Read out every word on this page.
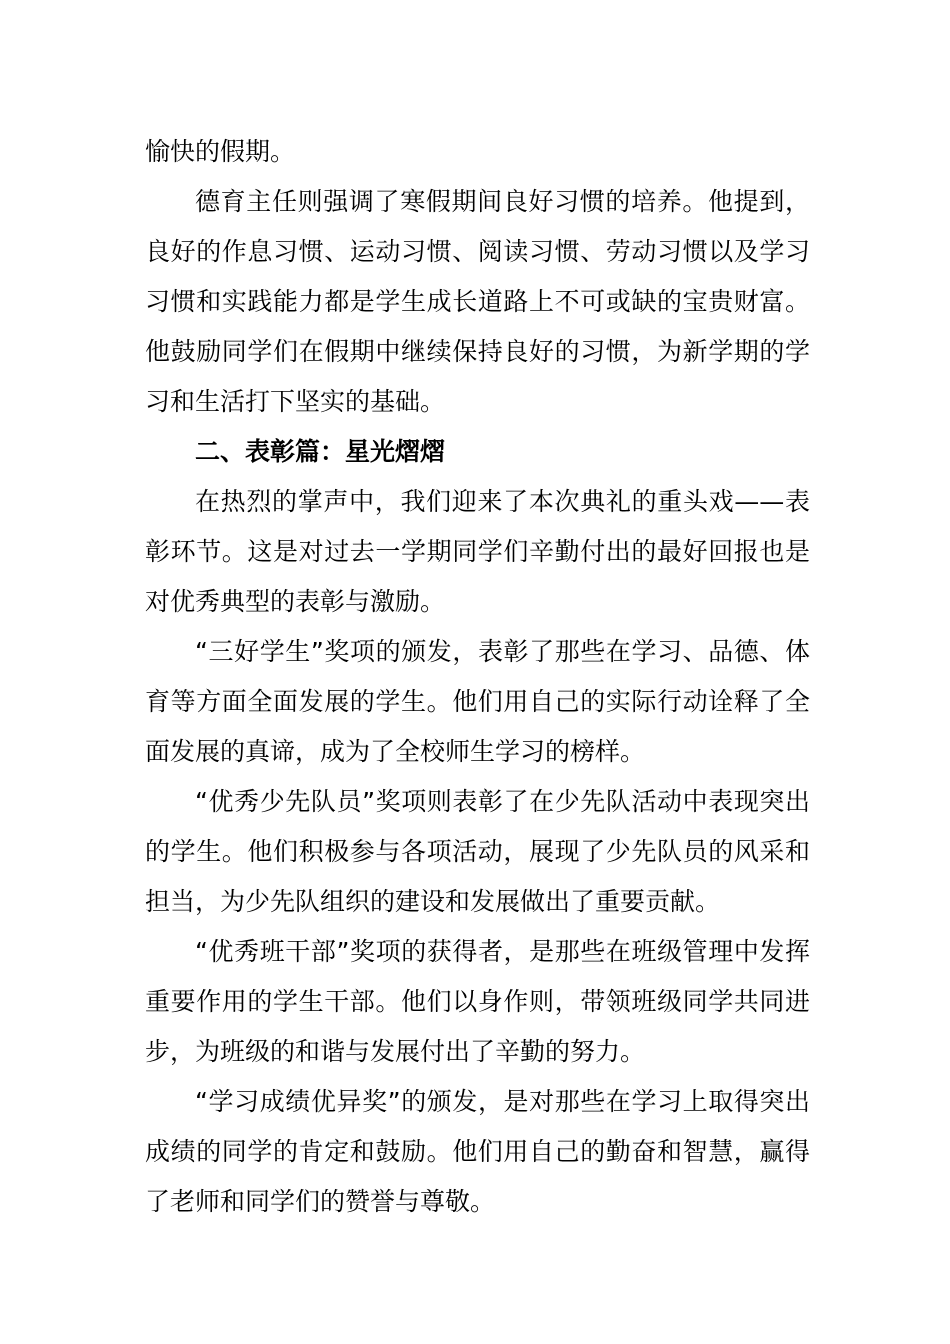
愉快的假期。

德育主任则强调了寒假期间良好习惯的培养。他提到，良好的作息习惯、运动习惯、阅读习惯、劳动习惯以及学习习惯和实践能力都是学生成长道路上不可或缺的宝贵财富。他鼓励同学们在假期中继续保持良好的习惯，为新学期的学习和生活打下坚实的基础。

二、表彰篇：星光熠熠

在热烈的掌声中，我们迎来了本次典礼的重头戏——表彰环节。这是对过去一学期同学们辛勤付出的最好回报也是对优秀典型的表彰与激励。

“三好学生”奖项的颁发，表彰了那些在学习、品德、体育等方面全面发展的学生。他们用自己的实际行动诠释了全面发展的真谛，成为了全校师生学习的榜样。

“优秀少先队员”奖项则表彰了在少先队活动中表现突出的学生。他们积极参与各项活动，展现了少先队员的风采和担当，为少先队组织的建设和发展做出了重要贡献。

“优秀班干部”奖项的获得者，是那些在班级管理中发挥重要作用的学生干部。他们以身作则，带领班级同学共同进步，为班级的和谐与发展付出了辛勤的努力。

“学习成绩优异奖”的颁发，是对那些在学习上取得突出成绩的同学的肯定和鼓励。他们用自己的勤奋和智慧，赢得了老师和同学们的赞誉与尊敬。
